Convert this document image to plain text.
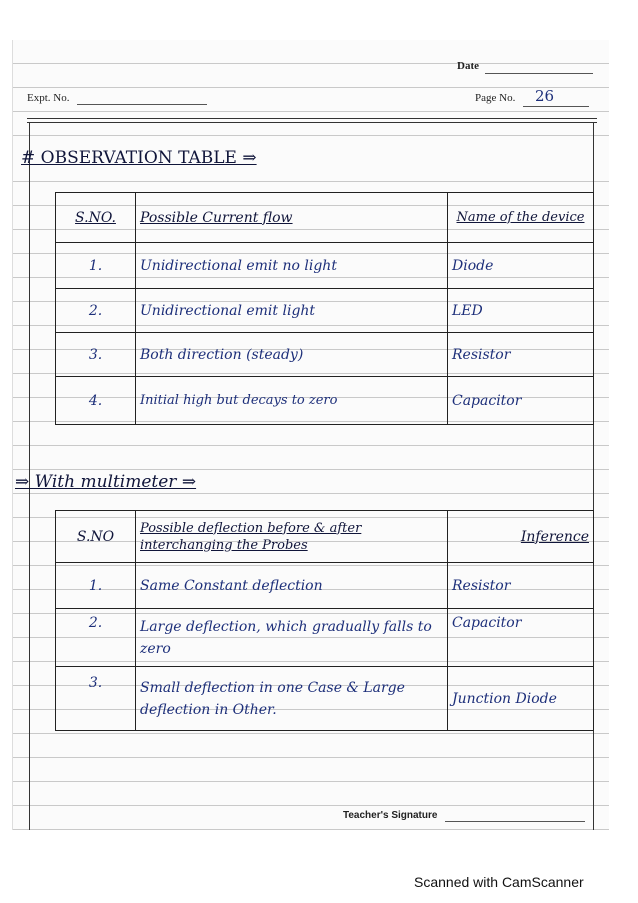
Date
Expt. No.	Page No. 26
# OBSERVATION TABLE ⇒
S.NO.	Possible Current flow	Name of the device
1.	Unidirectional emit no light	Diode
2.	Unidirectional emit light	LED
3.	Both direction (steady)	Resistor
4.	Initial high but decays to zero	Capacitor
⇒ With multimeter ⇒
S.NO	Possible deflection before & after interchanging the Probes	Inference
1.	Same Constant deflection	Resistor
2.	Large deflection, which gradually falls to zero	Capacitor
3.	Small deflection in one Case & Large deflection in Other.	Junction Diode
Teacher's Signature
Scanned with CamScanner
